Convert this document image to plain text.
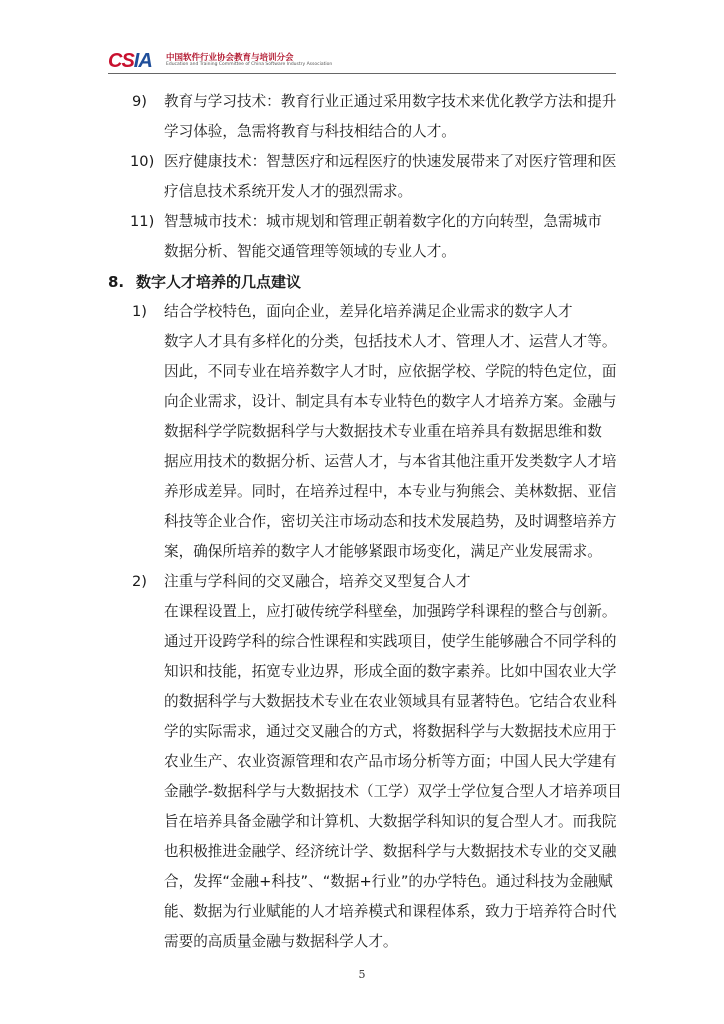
CSIA 中国软件行业协会教育与培训分会
Education and Training Committee of China Software Industry Association
9) 教育与学习技术：教育行业正通过采用数字技术来优化教学方法和提升
学习体验，急需将教育与科技相结合的人才。
10) 医疗健康技术：智慧医疗和远程医疗的快速发展带来了对医疗管理和医
疗信息技术系统开发人才的强烈需求。
11) 智慧城市技术：城市规划和管理正朝着数字化的方向转型，急需城市
数据分析、智能交通管理等领域的专业人才。
8. 数字人才培养的几点建议
1) 结合学校特色，面向企业，差异化培养满足企业需求的数字人才
数字人才具有多样化的分类，包括技术人才、管理人才、运营人才等。
因此，不同专业在培养数字人才时，应依据学校、学院的特色定位，面
向企业需求，设计、制定具有本专业特色的数字人才培养方案。金融与
数据科学学院数据科学与大数据技术专业重在培养具有数据思维和数
据应用技术的数据分析、运营人才，与本省其他注重开发类数字人才培
养形成差异。同时，在培养过程中，本专业与狗熊会、美林数据、亚信
科技等企业合作，密切关注市场动态和技术发展趋势，及时调整培养方
案，确保所培养的数字人才能够紧跟市场变化，满足产业发展需求。
2) 注重与学科间的交叉融合，培养交叉型复合人才
在课程设置上，应打破传统学科壁垒，加强跨学科课程的整合与创新。
通过开设跨学科的综合性课程和实践项目，使学生能够融合不同学科的
知识和技能，拓宽专业边界，形成全面的数字素养。比如中国农业大学
的数据科学与大数据技术专业在农业领域具有显著特色。它结合农业科
学的实际需求，通过交叉融合的方式，将数据科学与大数据技术应用于
农业生产、农业资源管理和农产品市场分析等方面；中国人民大学建有
金融学-数据科学与大数据技术（工学）双学士学位复合型人才培养项目
旨在培养具备金融学和计算机、大数据学科知识的复合型人才。而我院
也积极推进金融学、经济统计学、数据科学与大数据技术专业的交叉融
合，发挥“金融+科技”、“数据+行业”的办学特色。通过科技为金融赋
能、数据为行业赋能的人才培养模式和课程体系，致力于培养符合时代
需要的高质量金融与数据科学人才。
5
